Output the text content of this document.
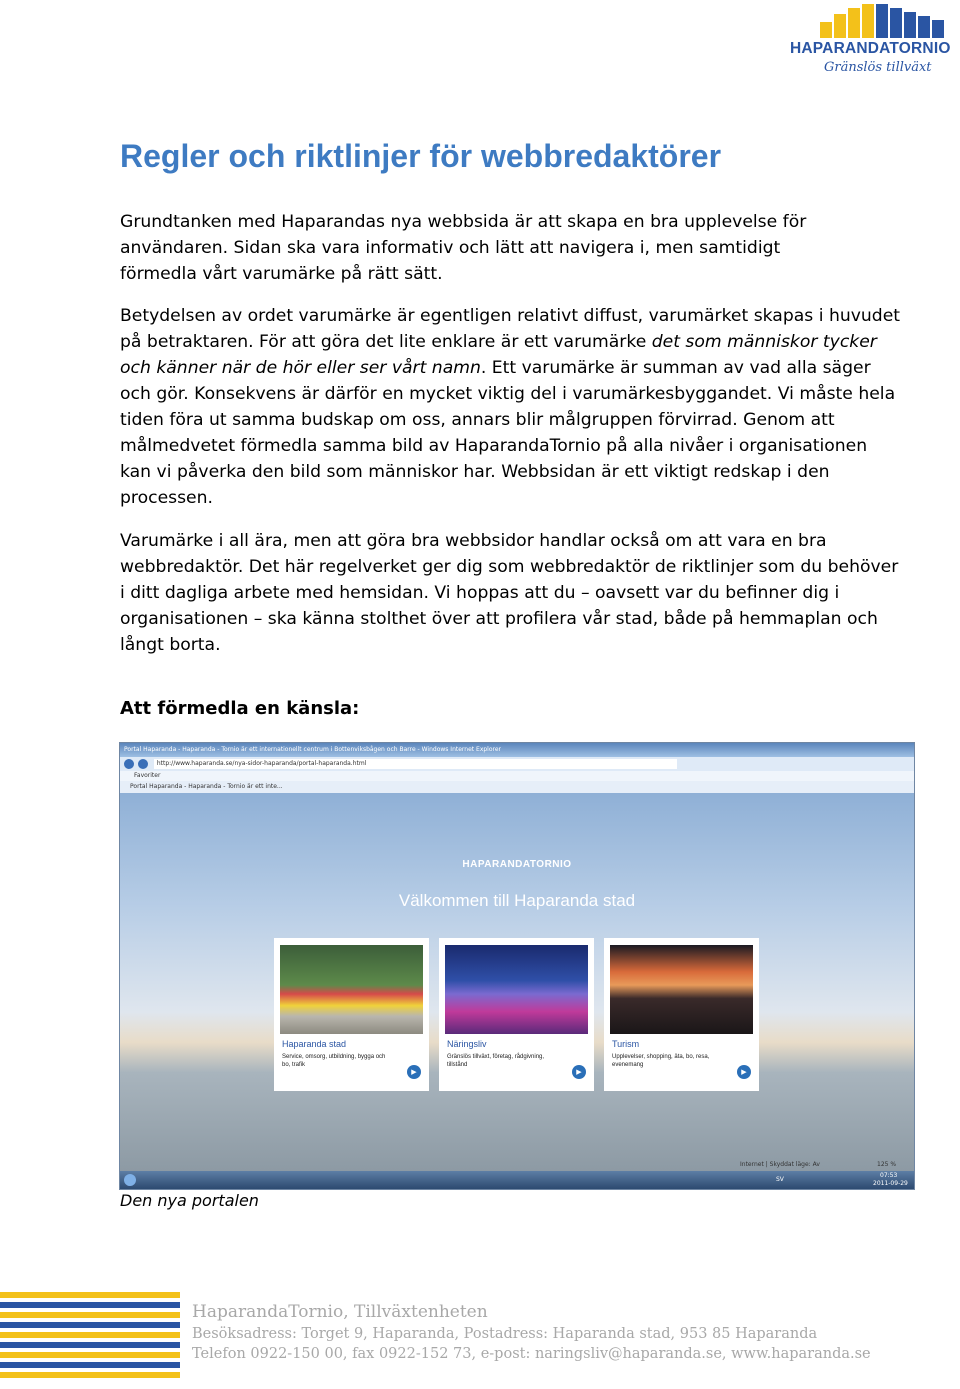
HAPARANDATORNIO
Gränslös tillväxt
Regler och riktlinjer för webbredaktörer

Grundtanken med Haparandas nya webbsida är att skapa en bra upplevelse för
användaren. Sidan ska vara informativ och lätt att navigera i, men samtidigt
förmedla vårt varumärke på rätt sätt.

Betydelsen av ordet varumärke är egentligen relativt diffust, varumärket skapas i huvudet på betraktaren. För att göra det lite enklare är ett varumärke det som människor tycker och känner när de hör eller ser vårt namn. Ett varumärke är summan av vad alla säger och gör. Konsekvens är därför en mycket viktig del i varumärkesbyggandet. Vi måste hela tiden föra ut samma budskap om oss, annars blir målgruppen förvirrad. Genom att målmedvetet förmedla samma bild av HaparandaTornio på alla nivåer i organisationen kan vi påverka den bild som människor har. Webbsidan är ett viktigt redskap i den processen.

Varumärke i all ära, men att göra bra webbsidor handlar också om att vara en bra webbredaktör. Det här regelverket ger dig som webbredaktör de riktlinjer som du behöver i ditt dagliga arbete med hemsidan. Vi hoppas att du – oavsett var du befinner dig i organisationen – ska känna stolthet över att profilera vår stad, både på hemmaplan och långt borta.

Att förmedla en känsla:
Portal Haparanda - Haparanda - Tornio är ett internationellt centrum i Bottenviksbågen och Barre - Windows Internet Explorer
http://www.haparanda.se/nya-sidor-haparanda/portal-haparanda.html
Favoriter
Portal Haparanda - Haparanda - Tornio är ett inte...
HAPARANDATORNIO
Välkommen till Haparanda stad
Haparanda stad
Service, omsorg, utbildning, bygga och bo, trafik
▶
Näringsliv
Gränslös tillväxt, företag, rådgivning, tillstånd
▶
Turism
Upplevelser, shopping, äta, bo, resa, evenemang
▶
Internet | Skyddat läge: Av	125 %
SV
07:53
2011-09-29

Den nya portalen

HaparandaTornio, Tillväxtenheten
Besöksadress: Torget 9, Haparanda, Postadress: Haparanda stad, 953 85 Haparanda
Telefon 0922-150 00, fax 0922-152 73, e-post: naringsliv@haparanda.se, www.haparanda.se
